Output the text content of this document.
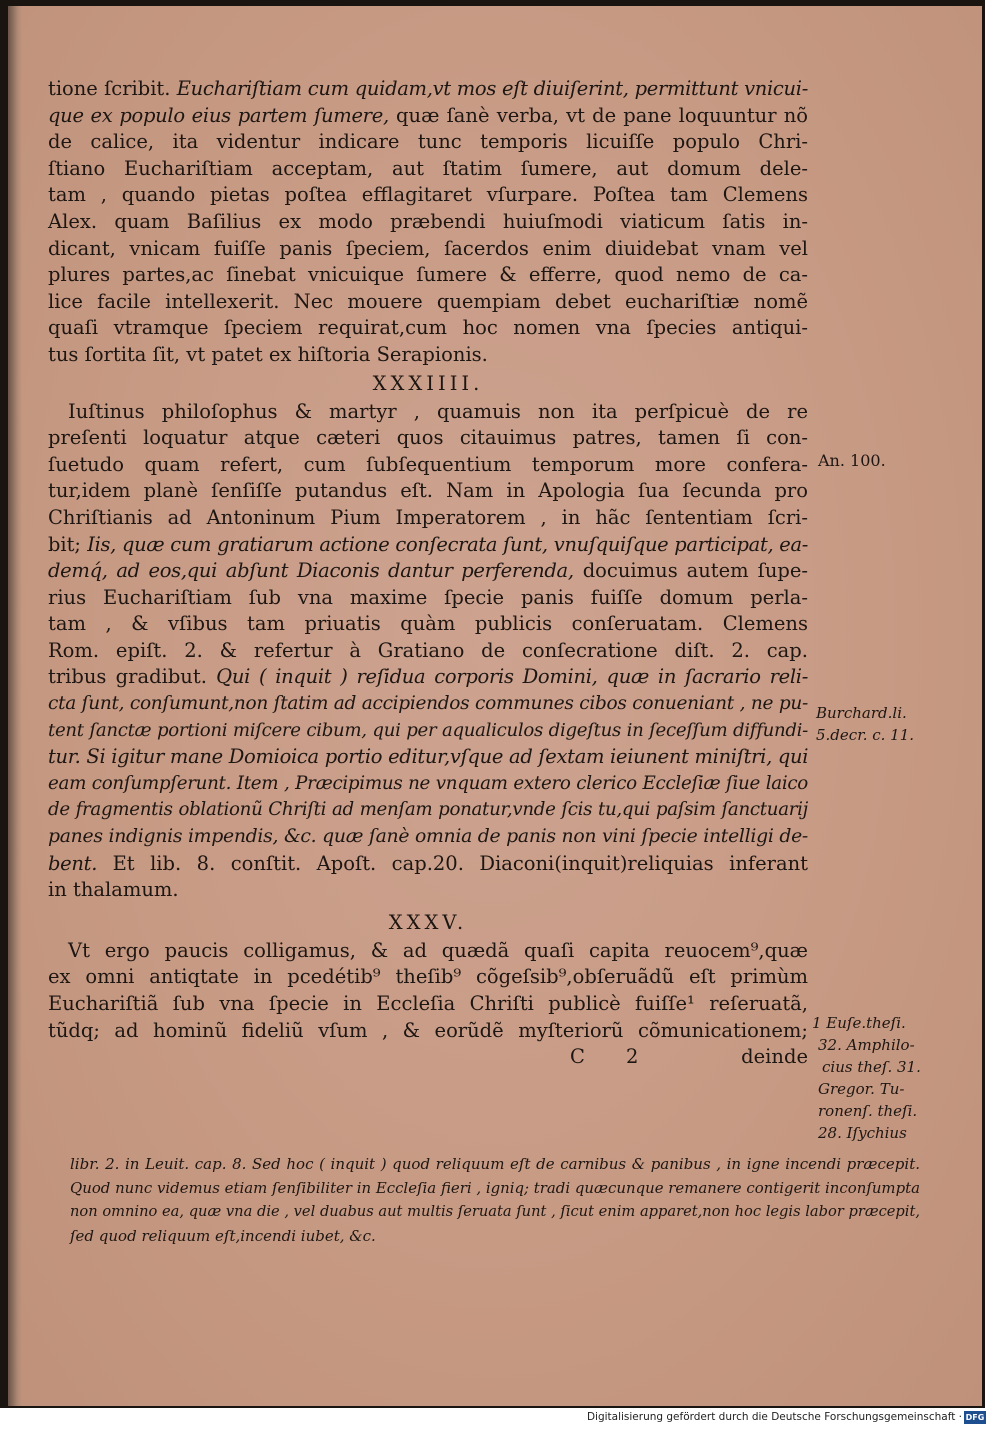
tione ſcribit. Euchariſtiam cum quidam,vt mos eſt diuiſerint, permittunt vnicui-
que ex populo eius partem ſumere, quæ ſanè verba, vt de pane loquuntur nõ
de calice, ita videntur indicare tunc temporis licuiſſe populo Chri-
ſtiano Euchariſtiam acceptam, aut ſtatim ſumere, aut domum dele-
tam , quando pietas poſtea efflagitaret vſurpare. Poſtea tam Clemens
Alex. quam Baſilius ex modo præbendi huiuſmodi viaticum ſatis in-
dicant, vnicam fuiſſe panis ſpeciem, ſacerdos enim diuidebat vnam vel
plures partes,ac ſinebat vnicuique ſumere & efferre, quod nemo de ca-
lice facile intellexerit. Nec mouere quempiam debet euchariſtiæ nomẽ
quaſi vtramque ſpeciem requirat,cum hoc nomen vna ſpecies antiqui-
tus ſortita ſit, vt patet ex hiſtoria Serapionis.
XXXIIII.
Iuſtinus philoſophus & martyr , quamuis non ita perſpicuè de re
preſenti loquatur atque cæteri quos citauimus patres, tamen ſi con-
ſuetudo quam refert, cum ſubſequentium temporum more confera-
tur,idem planè ſenſiſſe putandus eſt. Nam in Apologia ſua ſecunda pro
Chriſtianis ad Antoninum Pium Imperatorem , in hãc ſententiam ſcri-
bit; Iis, quæ cum gratiarum actione conſecrata ſunt, vnuſquiſque participat, ea-
demq́, ad eos,qui abſunt Diaconis dantur perferenda, docuimus autem ſupe-
rius Euchariſtiam ſub vna maxime ſpecie panis fuiſſe domum perla-
tam , & vſibus tam priuatis quàm publicis conſeruatam. Clemens
Rom. epiſt. 2. & refertur à Gratiano de conſecratione diſt. 2. cap.
tribus gradibut. Qui ( inquit ) reſidua corporis Domini, quæ in ſacrario reli-
cta ſunt, conſumunt,non ſtatim ad accipiendos communes cibos conueniant , ne pu-
tent ſanctæ portioni miſcere cibum, qui per aqualiculos digeſtus in ſeceſſum diffundi-
tur. Si igitur mane Domioica portio editur,vſque ad ſextam ieiunent miniſtri, qui
eam conſumpſerunt. Item , Præcipimus ne vnquam extero clerico Eccleſiæ ſiue laico
de fragmentis oblationũ Chriſti ad menſam ponatur,vnde ſcis tu,qui paſsim ſanctuarij
panes indignis impendis, &c. quæ ſanè omnia de panis non vini ſpecie intelligi de-
bent. Et lib. 8. conſtit. Apoſt. cap.20. Diaconi(inquit)reliquias inferant
in thalamum.
XXXV.
Vt ergo paucis colligamus, & ad quædã quaſi capita reuocem⁹,quæ
ex omni antiqtate in pcedétib⁹ theſib⁹ cõgeſsib⁹,obſeruãdũ eſt primùm
Euchariſtiã ſub vna ſpecie in Eccleſia Chriſti publicè fuiſſe¹ reſeruatã,
tũdq; ad hominũ fideliũ vſum , & eorũdẽ myſteriorũ cõmunicationem;
C 2	deinde
libr. 2. in Leuit. cap. 8. Sed hoc ( inquit ) quod reliquum eſt de carnibus & panibus , in igne incendi præcepit.
Quod nunc videmus etiam ſenſibiliter in Eccleſia fieri , igniq; tradi quæcunque remanere contigerit inconſumpta
non omnino ea, quæ vna die , vel duabus aut multis ſeruata ſunt , ſicut enim apparet,non hoc legis labor præcepit,
ſed quod reliquum eſt,incendi iubet, &c.
An. 100.
Burchard.li.
5.decr. c. 11.
1 Euſe.theſi.
32. Amphilo-
cius theſ. 31.
Gregor. Tu-
ronenſ. theſi.
28. Iſychius
Digitalisierung gefördert durch die Deutsche Forschungsgemeinschaft · DFG
